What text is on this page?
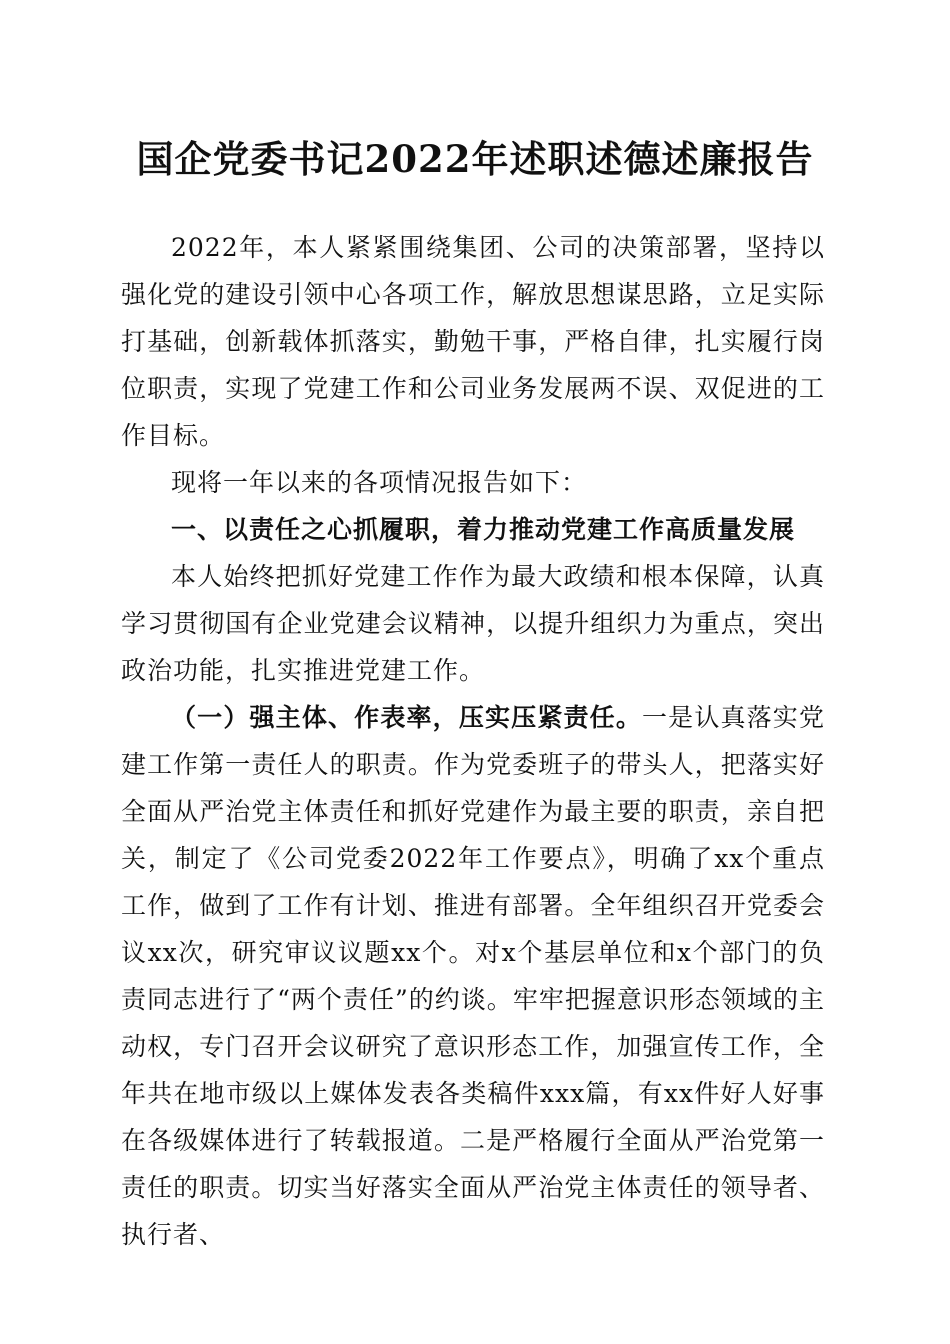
国企党委书记2022年述职述德述廉报告

2022年，本人紧紧围绕集团、公司的决策部署，坚持以强化党的建设引领中心各项工作，解放思想谋思路，立足实际打基础，创新载体抓落实，勤勉干事，严格自律，扎实履行岗位职责，实现了党建工作和公司业务发展两不误、双促进的工作目标。

现将一年以来的各项情况报告如下：

一、以责任之心抓履职，着力推动党建工作高质量发展

本人始终把抓好党建工作作为最大政绩和根本保障，认真学习贯彻国有企业党建会议精神，以提升组织力为重点，突出政治功能，扎实推进党建工作。

（一）强主体、作表率，压实压紧责任。一是认真落实党建工作第一责任人的职责。作为党委班子的带头人，把落实好全面从严治党主体责任和抓好党建作为最主要的职责，亲自把关，制定了《公司党委2022年工作要点》，明确了xx个重点工作，做到了工作有计划、推进有部署。全年组织召开党委会议xx次，研究审议议题xx个。对x个基层单位和x个部门的负责同志进行了“两个责任”的约谈。牢牢把握意识形态领域的主动权，专门召开会议研究了意识形态工作，加强宣传工作，全年共在地市级以上媒体发表各类稿件xxx篇，有xx件好人好事在各级媒体进行了转载报道。二是严格履行全面从严治党第一责任的职责。切实当好落实全面从严治党主体责任的领导者、执行者、
